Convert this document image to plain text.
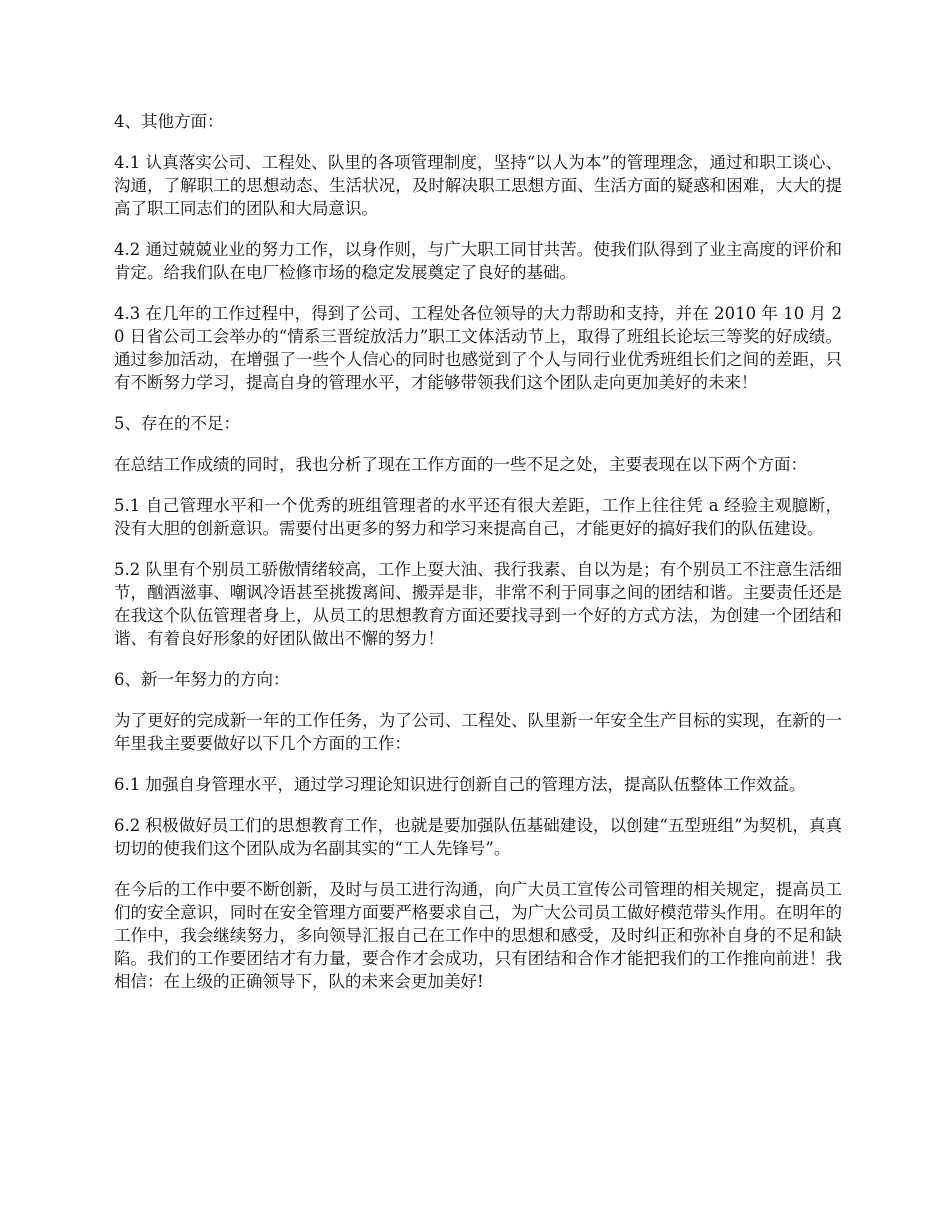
4、其他方面：

4.1 认真落实公司、工程处、队里的各项管理制度，坚持“以人为本”的管理理念，通过和职工谈心、沟通，了解职工的思想动态、生活状况，及时解决职工思想方面、生活方面的疑惑和困难，大大的提高了职工同志们的团队和大局意识。

4.2 通过兢兢业业的努力工作，以身作则，与广大职工同甘共苦。使我们队得到了业主高度的评价和肯定。给我们队在电厂检修市场的稳定发展奠定了良好的基础。

4.3 在几年的工作过程中，得到了公司、工程处各位领导的大力帮助和支持，并在 2010 年 10 月 20 日省公司工会举办的“情系三晋绽放活力”职工文体活动节上，取得了班组长论坛三等奖的好成绩。通过参加活动，在增强了一些个人信心的同时也感觉到了个人与同行业优秀班组长们之间的差距，只有不断努力学习，提高自身的管理水平，才能够带领我们这个团队走向更加美好的未来！

5、存在的不足：

在总结工作成绩的同时，我也分析了现在工作方面的一些不足之处，主要表现在以下两个方面：

5.1 自己管理水平和一个优秀的班组管理者的水平还有很大差距，工作上往往凭 a 经验主观臆断，没有大胆的创新意识。需要付出更多的努力和学习来提高自己，才能更好的搞好我们的队伍建设。

5.2 队里有个别员工骄傲情绪较高，工作上耍大油、我行我素、自以为是；有个别员工不注意生活细节，酗酒滋事、嘲讽冷语甚至挑拨离间、搬弄是非，非常不利于同事之间的团结和谐。主要责任还是在我这个队伍管理者身上，从员工的思想教育方面还要找寻到一个好的方式方法，为创建一个团结和谐、有着良好形象的好团队做出不懈的努力！

6、新一年努力的方向：

为了更好的完成新一年的工作任务，为了公司、工程处、队里新一年安全生产目标的实现，在新的一年里我主要要做好以下几个方面的工作：

6.1 加强自身管理水平，通过学习理论知识进行创新自己的管理方法，提高队伍整体工作效益。

6.2 积极做好员工们的思想教育工作，也就是要加强队伍基础建设，以创建“五型班组”为契机，真真切切的使我们这个团队成为名副其实的“工人先锋号”。

在今后的工作中要不断创新，及时与员工进行沟通，向广大员工宣传公司管理的相关规定，提高员工们的安全意识，同时在安全管理方面要严格要求自己，为广大公司员工做好模范带头作用。在明年的工作中，我会继续努力，多向领导汇报自己在工作中的思想和感受，及时纠正和弥补自身的不足和缺陷。我们的工作要团结才有力量，要合作才会成功，只有团结和合作才能把我们的工作推向前进！我相信：在上级的正确领导下，队的未来会更加美好!
